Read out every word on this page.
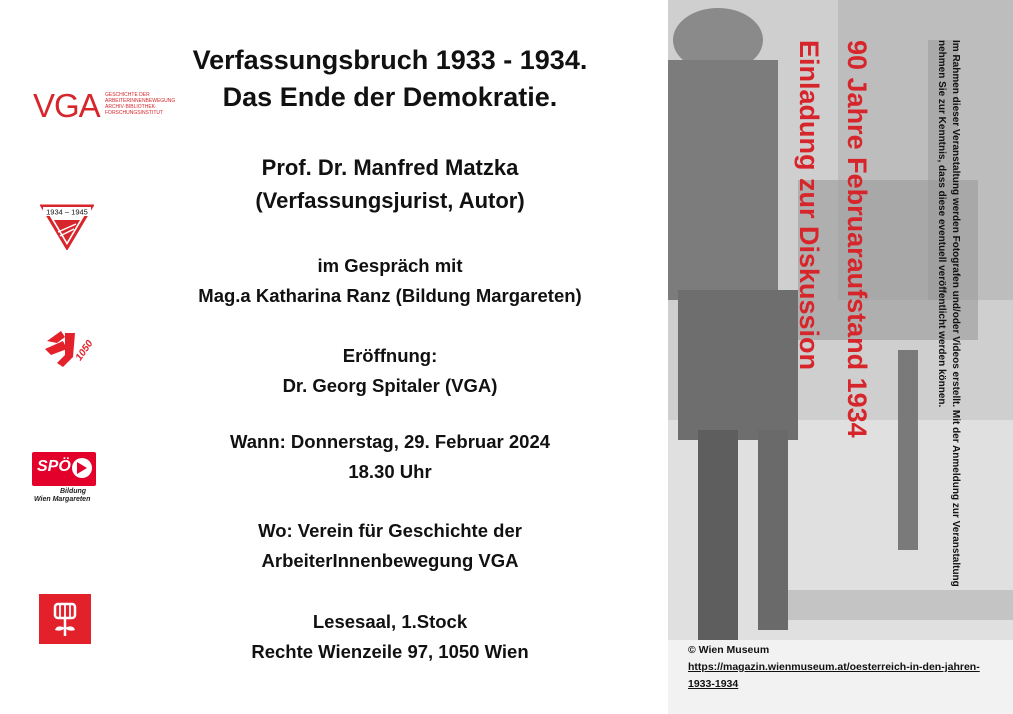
VGA GESCHICHTE DER ARBEITERINNENBEWEGUNG ARCHIV·BIBLIOTHEK· FORSCHUNGSINSTITUT
1934 – 1945
1050
SPÖ
Bildung
Wien Margareten
Verfassungsbruch 1933 - 1934.
Das Ende der Demokratie.
Prof. Dr. Manfred Matzka
(Verfassungsjurist, Autor)
im Gespräch mit
Mag.a Katharina Ranz (Bildung Margareten)
Eröffnung:
Dr. Georg Spitaler (VGA)
Wann: Donnerstag, 29. Februar 2024
18.30 Uhr
Wo: Verein für Geschichte der
ArbeiterInnenbewegung VGA
Lesesaal, 1.Stock
Rechte Wienzeile 97, 1050 Wien
90 Jahre Februaraufstand 1934
Einladung zur Diskussion	Im Rahmen dieser Veranstaltung werden Fotografen und/oder Videos erstellt. Mit der Anmeldung zur Veranstaltung nehmen Sie zur Kenntnis, dass diese eventuell veröffentlicht werden können.
© Wien Museum
https://magazin.wienmuseum.at/oesterreich-in-den-jahren-1933-1934
